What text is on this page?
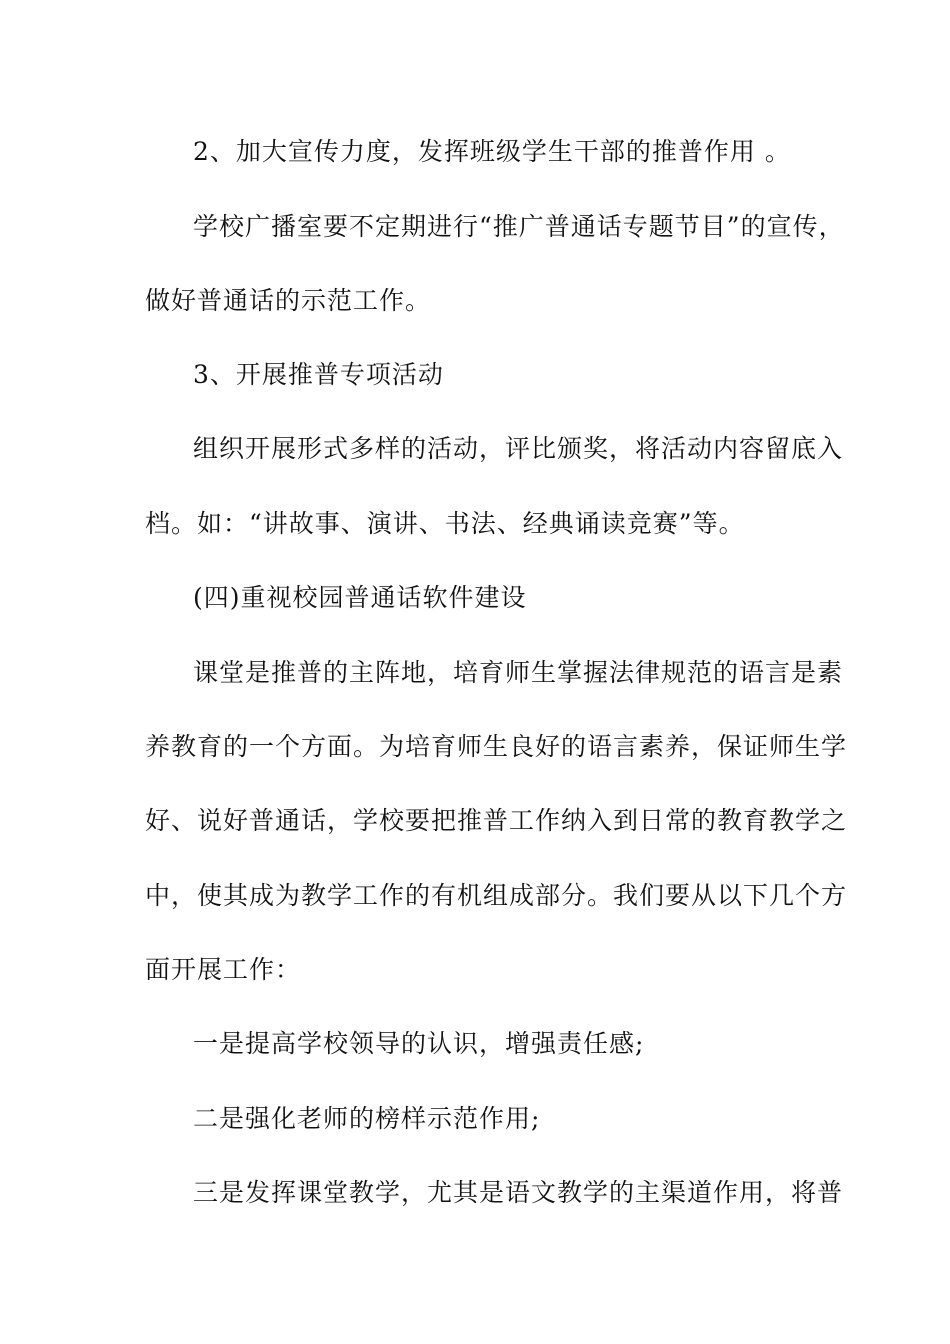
2、加大宣传力度，发挥班级学生干部的推普作用 。
学校广播室要不定期进行“推广普通话专题节目”的宣传，
做好普通话的示范工作。
3、开展推普专项活动
组织开展形式多样的活动，评比颁奖，将活动内容留底入
档。如：“讲故事、演讲、书法、经典诵读竞赛”等。
(四)重视校园普通话软件建设
课堂是推普的主阵地，培育师生掌握法律规范的语言是素
养教育的一个方面。为培育师生良好的语言素养，保证师生学
好、说好普通话，学校要把推普工作纳入到日常的教育教学之
中，使其成为教学工作的有机组成部分。我们要从以下几个方
面开展工作：
一是提高学校领导的认识，增强责任感;
二是强化老师的榜样示范作用;
三是发挥课堂教学，尤其是语文教学的主渠道作用，将普
